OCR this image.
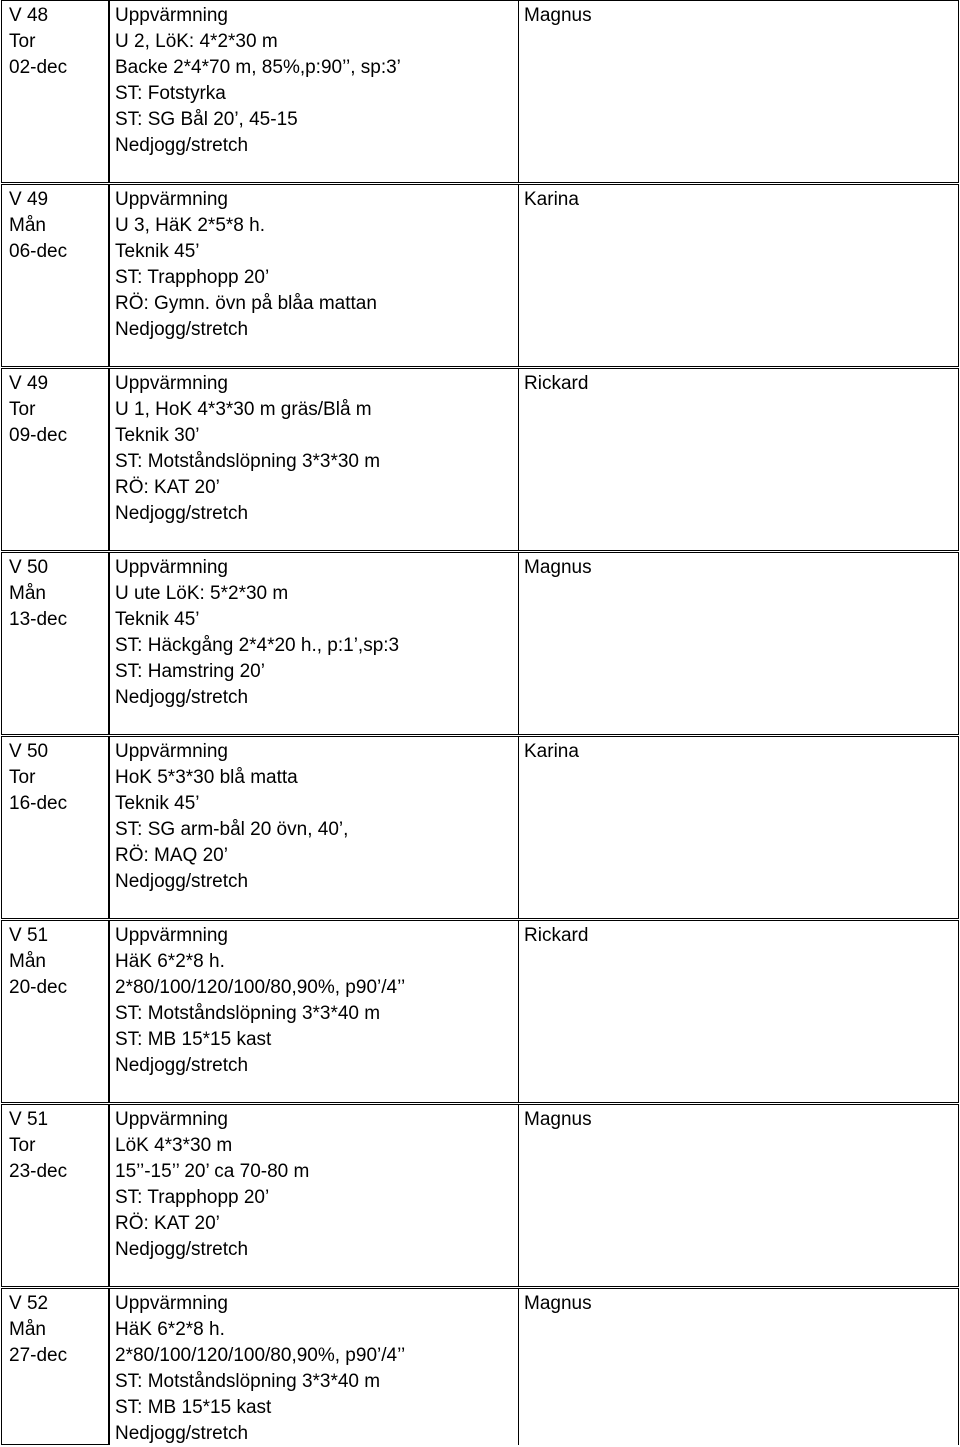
V 48
Tor
02-dec
Uppvärmning
U 2, LöK: 4*2*30 m
Backe 2*4*70 m, 85%,p:90’’, sp:3’
ST: Fotstyrka
ST: SG Bål 20’, 45-15
Nedjogg/stretch
Magnus
V 49
Mån
06-dec
Uppvärmning
U 3, HäK 2*5*8 h.
Teknik 45’
ST: Trapphopp 20’
RÖ: Gymn. övn på blåa mattan
Nedjogg/stretch
Karina
V 49
Tor
09-dec
Uppvärmning
U 1, HoK 4*3*30 m gräs/Blå m
Teknik 30’
ST: Motståndslöpning 3*3*30 m
RÖ: KAT 20’
Nedjogg/stretch
Rickard
V 50
Mån
13-dec
Uppvärmning
U ute LöK: 5*2*30 m
Teknik 45’
ST: Häckgång 2*4*20 h., p:1’,sp:3
ST: Hamstring 20’
Nedjogg/stretch
Magnus
V 50
Tor
16-dec
Uppvärmning
HoK 5*3*30 blå matta
Teknik 45’
ST: SG arm-bål 20 övn, 40’,
RÖ: MAQ 20’
Nedjogg/stretch
Karina
V 51
Mån
20-dec
Uppvärmning
HäK 6*2*8 h.
2*80/100/120/100/80,90%, p90’/4’’
ST: Motståndslöpning 3*3*40 m
ST: MB 15*15 kast
Nedjogg/stretch
Rickard
V 51
Tor
23-dec
Uppvärmning
LöK 4*3*30 m
15’’-15’’ 20’ ca 70-80 m
ST: Trapphopp 20’
RÖ: KAT 20’
Nedjogg/stretch
Magnus
V 52
Mån
27-dec
Uppvärmning
HäK 6*2*8 h.
2*80/100/120/100/80,90%, p90’/4’’
ST: Motståndslöpning 3*3*40 m
ST: MB 15*15 kast
Nedjogg/stretch
Magnus
